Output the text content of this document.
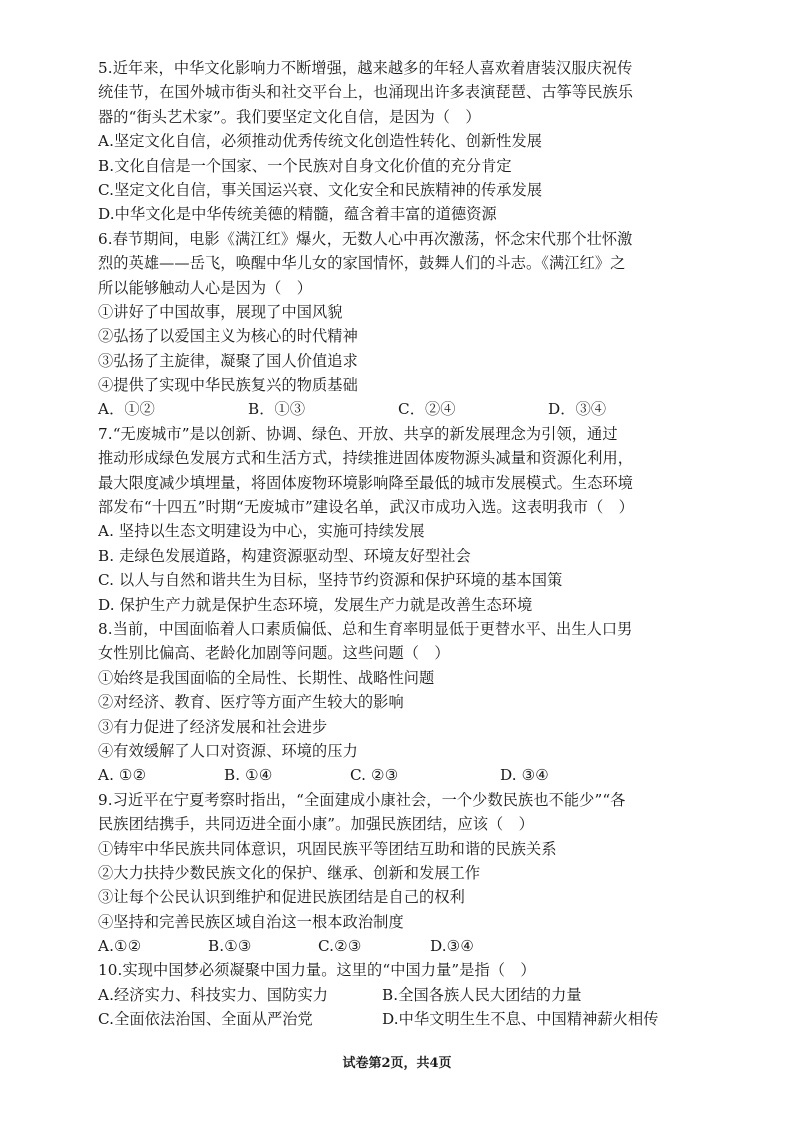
5.近年来，中华文化影响力不断增强，越来越多的年轻人喜欢着唐装汉服庆祝传
统佳节，在国外城市街头和社交平台上，也涌现出许多表演琵琶、古筝等民族乐
器的“街头艺术家”。我们要坚定文化自信，是因为（　）
A.坚定文化自信，必须推动优秀传统文化创造性转化、创新性发展
B.文化自信是一个国家、一个民族对自身文化价值的充分肯定
C.坚定文化自信，事关国运兴衰、文化安全和民族精神的传承发展
D.中华文化是中华传统美德的精髓，蕴含着丰富的道德资源
6.春节期间，电影《满江红》爆火，无数人心中再次激荡，怀念宋代那个壮怀激
烈的英雄——岳飞，唤醒中华儿女的家国情怀，鼓舞人们的斗志。《满江红》之
所以能够触动人心是因为（　）
①讲好了中国故事，展现了中国风貌
②弘扬了以爱国主义为核心的时代精神
③弘扬了主旋律，凝聚了国人价值追求
④提供了实现中华民族复兴的物质基础
A．①②	B．①③	C．②④	D．③④
7.“无废城市”是以创新、协调、绿色、开放、共享的新发展理念为引领，通过
推动形成绿色发展方式和生活方式，持续推进固体废物源头减量和资源化利用，
最大限度减少填埋量，将固体废物环境影响降至最低的城市发展模式。生态环境
部发布“十四五”时期“无废城市”建设名单，武汉市成功入选。这表明我市（　）
A. 坚持以生态文明建设为中心，实施可持续发展
B. 走绿色发展道路，构建资源驱动型、环境友好型社会
C. 以人与自然和谐共生为目标，坚持节约资源和保护环境的基本国策
D. 保护生产力就是保护生态环境，发展生产力就是改善生态环境
8.当前，中国面临着人口素质偏低、总和生育率明显低于更替水平、出生人口男
女性别比偏高、老龄化加剧等问题。这些问题（　）
①始终是我国面临的全局性、长期性、战略性问题
②对经济、教育、医疗等方面产生较大的影响
③有力促进了经济发展和社会进步
④有效缓解了人口对资源、环境的压力
A. ①②	B. ①④	C. ②③	D. ③④
9.习近平在宁夏考察时指出，“全面建成小康社会，一个少数民族也不能少”“各
民族团结携手，共同迈进全面小康”。加强民族团结，应该（　）
①铸牢中华民族共同体意识，巩固民族平等团结互助和谐的民族关系
②大力扶持少数民族文化的保护、继承、创新和发展工作
③让每个公民认识到维护和促进民族团结是自己的权利
④坚持和完善民族区域自治这一根本政治制度
A.①②	B.①③	C.②③	D.③④
10.实现中国梦必须凝聚中国力量。这里的“中国力量”是指（　）
A.经济实力、科技实力、国防实力	B.全国各族人民大团结的力量
C.全面依法治国、全面从严治党	D.中华文明生生不息、中国精神薪火相传
试卷第2页，共4页
